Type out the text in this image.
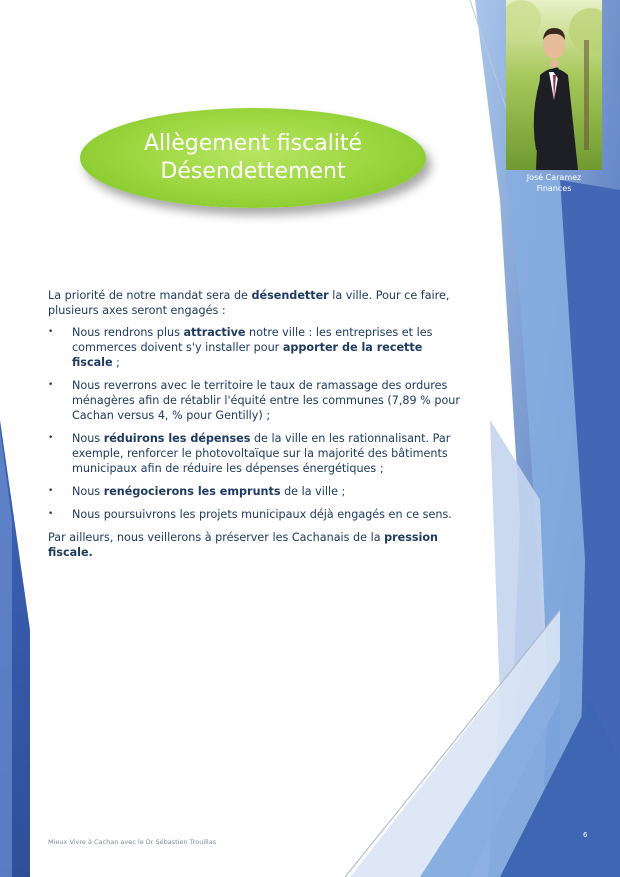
José Caramez
Finances
Allègement fiscalité
Désendettement

La priorité de notre mandat sera de désendetter la ville. Pour ce faire, plusieurs axes seront engagés :

• Nous rendrons plus attractive notre ville : les entreprises et les commerces doivent s'y installer pour apporter de la recette fiscale ;
• Nous reverrons avec le territoire le taux de ramassage des ordures ménagères afin de rétablir l'équité entre les communes (7,89 % pour Cachan versus 4, % pour Gentilly) ;
• Nous réduirons les dépenses de la ville en les rationnalisant. Par exemple, renforcer le photovoltaïque sur la majorité des bâtiments municipaux afin de réduire les dépenses énergétiques ;
• Nous renégocierons les emprunts de la ville ;
• Nous poursuivrons les projets municipaux déjà engagés en ce sens.

Par ailleurs, nous veillerons à préserver les Cachanais de la pression fiscale.

Mieux Vivre à Cachan avec le Dr Sébastien Trouillas
6
